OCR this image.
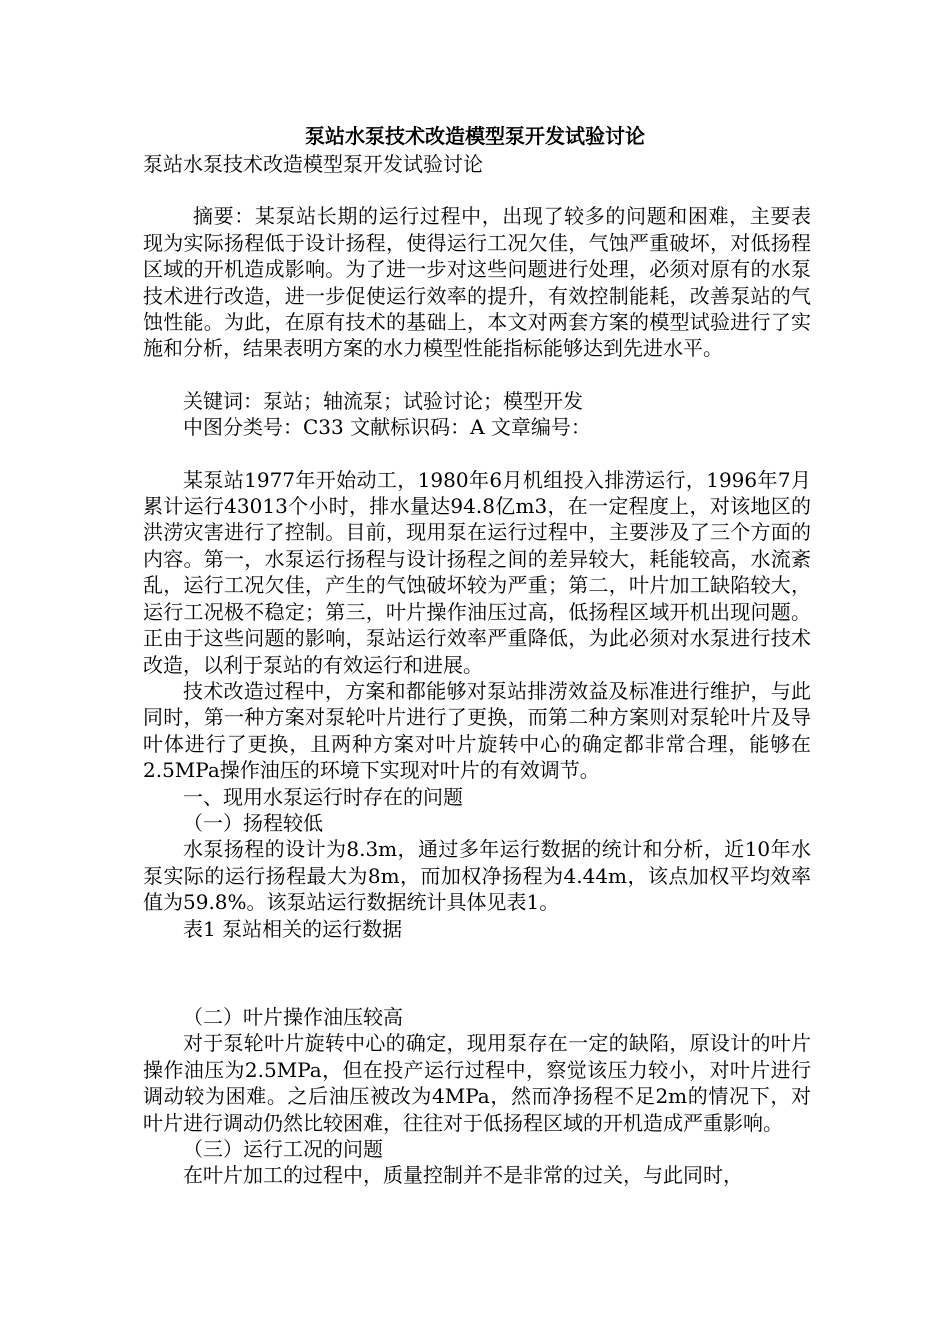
泵站水泵技术改造模型泵开发试验讨论

泵站水泵技术改造模型泵开发试验讨论

摘要：某泵站长期的运行过程中，出现了较多的问题和困难，主要表现为实际扬程低于设计扬程，使得运行工况欠佳，气蚀严重破坏，对低扬程区域的开机造成影响。为了进一步对这些问题进行处理，必须对原有的水泵技术进行改造，进一步促使运行效率的提升，有效控制能耗，改善泵站的气蚀性能。为此，在原有技术的基础上，本文对两套方案的模型试验进行了实施和分析，结果表明方案的水力模型性能指标能够达到先进水平。

关键词：泵站；轴流泵；试验讨论；模型开发

中图分类号：C33 文献标识码：A 文章编号：

某泵站1977年开始动工，1980年6月机组投入排涝运行，1996年7月累计运行43013个小时，排水量达94.8亿m3，在一定程度上，对该地区的洪涝灾害进行了控制。目前，现用泵在运行过程中，主要涉及了三个方面的内容。第一，水泵运行扬程与设计扬程之间的差异较大，耗能较高，水流紊乱，运行工况欠佳，产生的气蚀破坏较为严重；第二，叶片加工缺陷较大，运行工况极不稳定；第三，叶片操作油压过高，低扬程区域开机出现问题。正由于这些问题的影响，泵站运行效率严重降低，为此必须对水泵进行技术改造，以利于泵站的有效运行和进展。

技术改造过程中，方案和都能够对泵站排涝效益及标准进行维护，与此同时，第一种方案对泵轮叶片进行了更换，而第二种方案则对泵轮叶片及导叶体进行了更换，且两种方案对叶片旋转中心的确定都非常合理，能够在2.5MPa操作油压的环境下实现对叶片的有效调节。

一、现用水泵运行时存在的问题

（一）扬程较低

水泵扬程的设计为8.3m，通过多年运行数据的统计和分析，近10年水泵实际的运行扬程最大为8m，而加权净扬程为4.44m，该点加权平均效率值为59.8%。该泵站运行数据统计具体见表1。

表1 泵站相关的运行数据

（二）叶片操作油压较高

对于泵轮叶片旋转中心的确定，现用泵存在一定的缺陷，原设计的叶片操作油压为2.5MPa，但在投产运行过程中，察觉该压力较小，对叶片进行调动较为困难。之后油压被改为4MPa，然而净扬程不足2m的情况下，对叶片进行调动仍然比较困难，往往对于低扬程区域的开机造成严重影响。

（三）运行工况的问题

在叶片加工的过程中，质量控制并不是非常的过关，与此同时，
